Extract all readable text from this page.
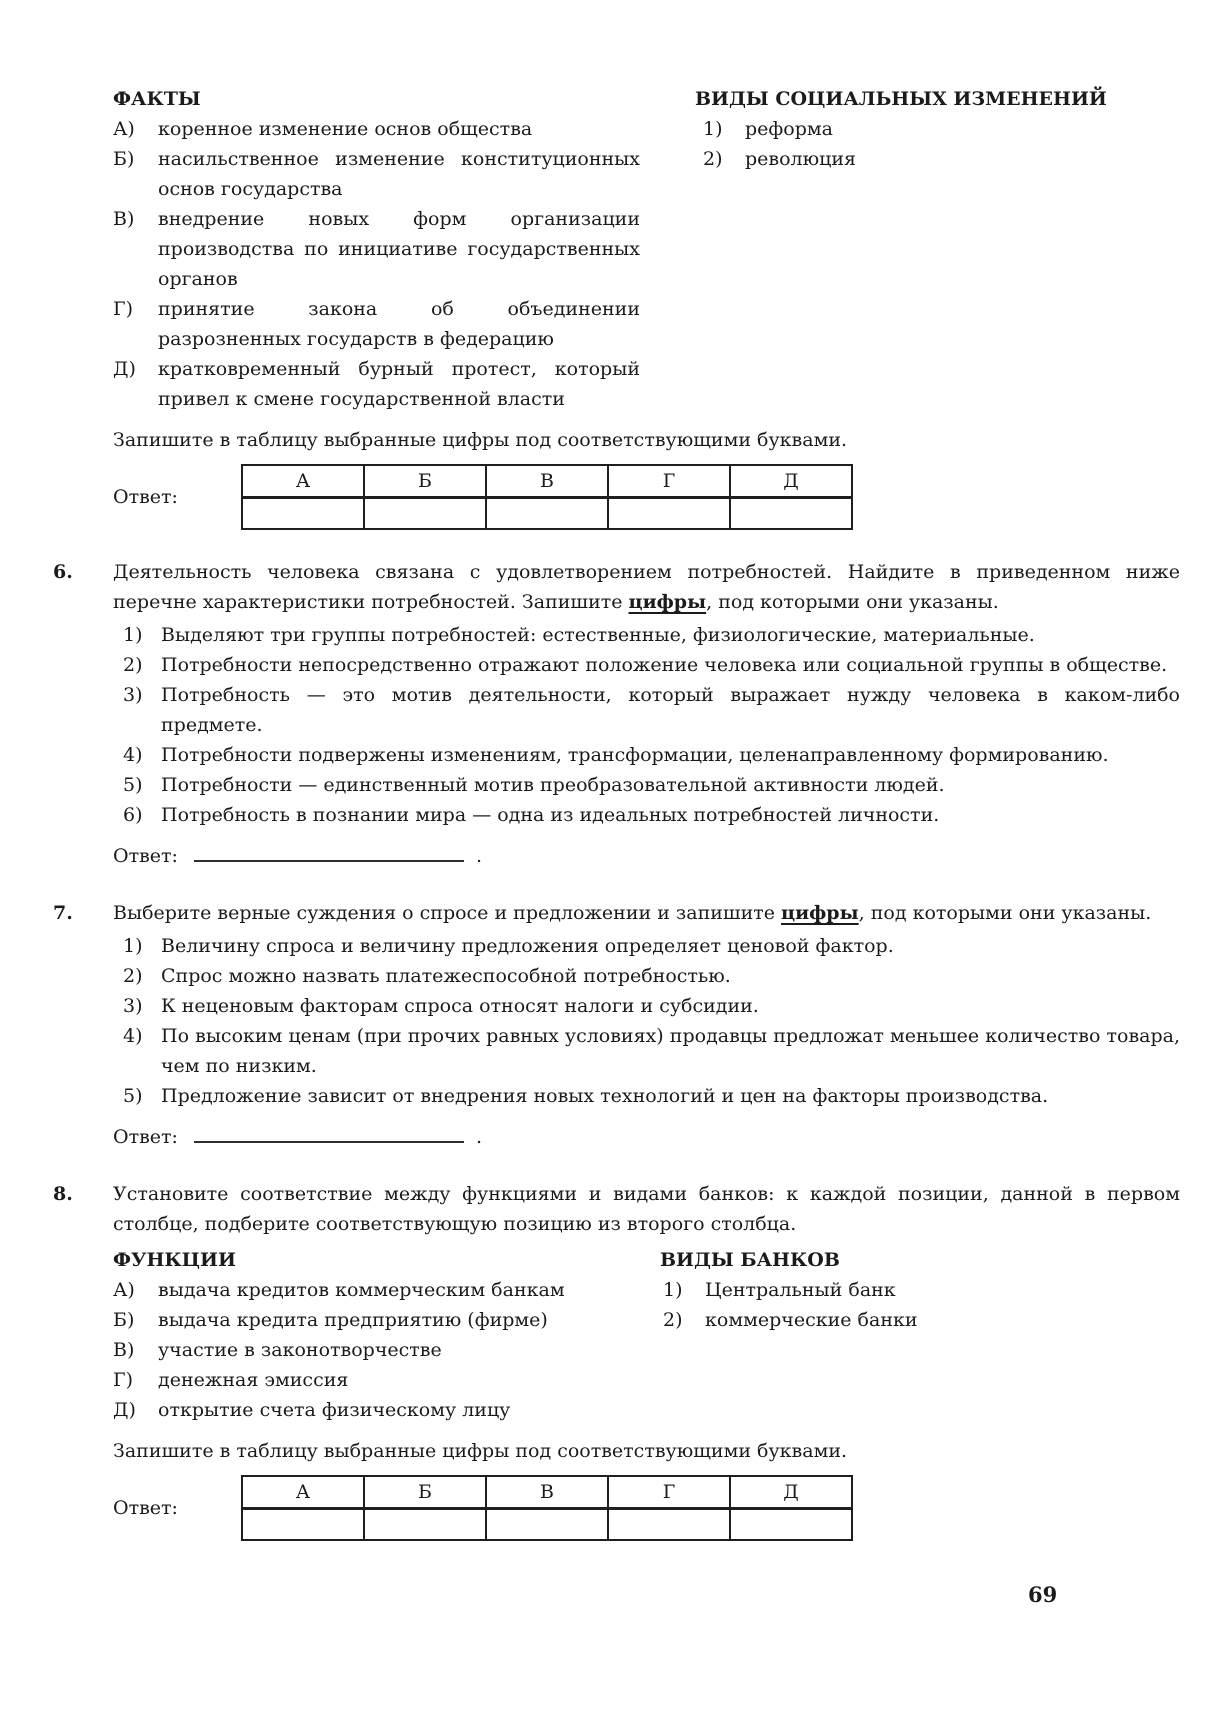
ФАКТЫ
А)	коренное изменение основ общества
Б)	насильственное изменение конституционных основ государства
В)	внедрение новых форм организации производства по инициативе государственных органов
Г)	принятие закона об объединении разрозненных государств в федерацию
Д)	кратковременный бурный протест, который привел к смене государственной власти
ВИДЫ СОЦИАЛЬНЫХ ИЗМЕНЕНИЙ
1)	реформа
2)	революция

Запишите в таблицу выбранные цифры под соответствующими буквами.

Ответ:
А	Б	В	Г	Д

6. Деятельность человека связана с удовлетворением потребностей. Найдите в приведенном ниже перечне характеристики потребностей. Запишите цифры, под которыми они указаны.

1) Выделяют три группы потребностей: естественные, физиологические, материальные.
2) Потребности непосредственно отражают положение человека или социальной группы в обществе.
3) Потребность — это мотив деятельности, который выражает нужду человека в каком-либо предмете.
4) Потребности подвержены изменениям, трансформации, целенаправленному формированию.
5) Потребности — единственный мотив преобразовательной активности людей.
6) Потребность в познании мира — одна из идеальных потребностей личности.
Ответ:	.
7. Выберите верные суждения о спросе и предложении и запишите цифры, под которыми они указаны.

1) Величину спроса и величину предложения определяет ценовой фактор.
2) Спрос можно назвать платежеспособной потребностью.
3) К неценовым факторам спроса относят налоги и субсидии.
4) По высоким ценам (при прочих равных условиях) продавцы предложат меньшее количество товара, чем по низким.
5) Предложение зависит от внедрения новых технологий и цен на факторы производства.
Ответ:	.
8. Установите соответствие между функциями и видами банков: к каждой позиции, данной в первом столбце, подберите соответствующую позицию из второго столбца.

ФУНКЦИИ
А)	выдача кредитов коммерческим банкам
Б)	выдача кредита предприятию (фирме)
В)	участие в законотворчестве
Г)	денежная эмиссия
Д)	открытие счета физическому лицу
ВИДЫ БАНКОВ
1)	Центральный банк
2)	коммерческие банки

Запишите в таблицу выбранные цифры под соответствующими буквами.

Ответ:
А	Б	В	Г	Д

69
